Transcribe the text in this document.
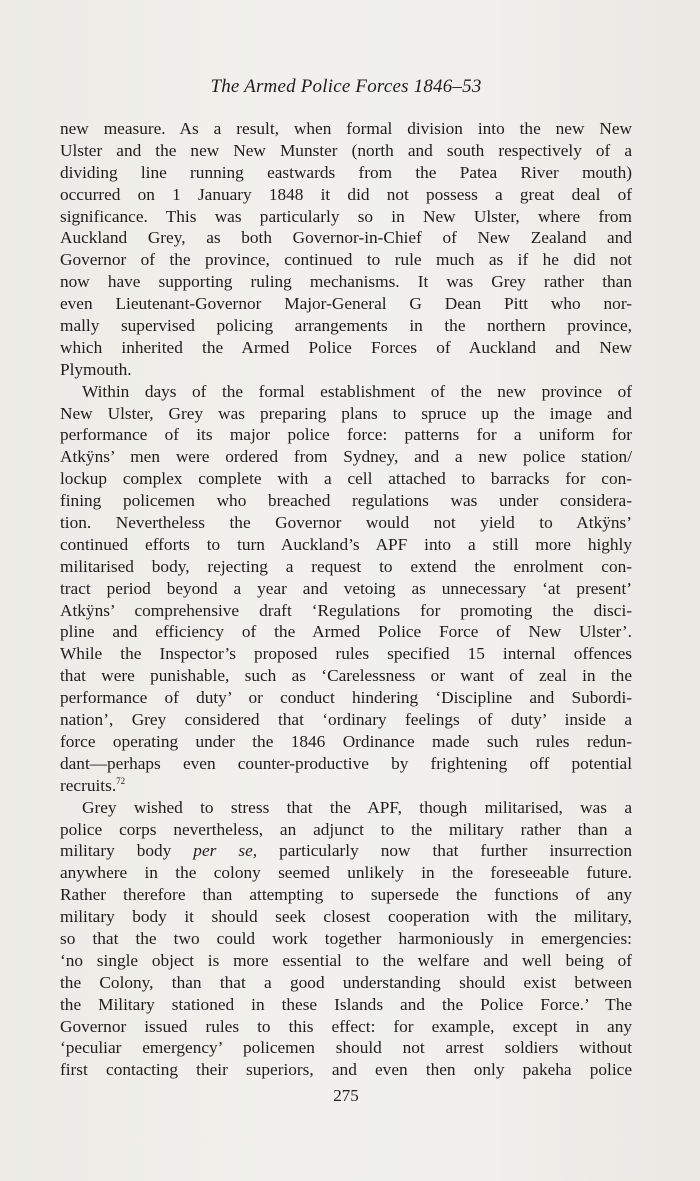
The Armed Police Forces 1846–53
new measure. As a result, when formal division into the new New
Ulster and the new New Munster (north and south respectively of a
dividing line running eastwards from the Patea River mouth)
occurred on 1 January 1848 it did not possess a great deal of
significance. This was particularly so in New Ulster, where from
Auckland Grey, as both Governor-in-Chief of New Zealand and
Governor of the province, continued to rule much as if he did not
now have supporting ruling mechanisms. It was Grey rather than
even Lieutenant-Governor Major-General G Dean Pitt who nor-
mally supervised policing arrangements in the northern province,
which inherited the Armed Police Forces of Auckland and New
Plymouth.
Within days of the formal establishment of the new province of
New Ulster, Grey was preparing plans to spruce up the image and
performance of its major police force: patterns for a uniform for
Atkÿns’ men were ordered from Sydney, and a new police station/
lockup complex complete with a cell attached to barracks for con-
fining policemen who breached regulations was under considera-
tion. Nevertheless the Governor would not yield to Atkÿns’
continued efforts to turn Auckland’s APF into a still more highly
militarised body, rejecting a request to extend the enrolment con-
tract period beyond a year and vetoing as unnecessary ‘at present’
Atkÿns’ comprehensive draft ‘Regulations for promoting the disci-
pline and efficiency of the Armed Police Force of New Ulster’.
While the Inspector’s proposed rules specified 15 internal offences
that were punishable, such as ‘Carelessness or want of zeal in the
performance of duty’ or conduct hindering ‘Discipline and Subordi-
nation’, Grey considered that ‘ordinary feelings of duty’ inside a
force operating under the 1846 Ordinance made such rules redun-
dant—perhaps even counter-productive by frightening off potential
recruits.$^{72}$
Grey wished to stress that the APF, though militarised, was a
police corps nevertheless, an adjunct to the military rather than a
military body per se, particularly now that further insurrection
anywhere in the colony seemed unlikely in the foreseeable future.
Rather therefore than attempting to supersede the functions of any
military body it should seek closest cooperation with the military,
so that the two could work together harmoniously in emergencies:
‘no single object is more essential to the welfare and well being of
the Colony, than that a good understanding should exist between
the Military stationed in these Islands and the Police Force.’ The
Governor issued rules to this effect: for example, except in any
‘peculiar emergency’ policemen should not arrest soldiers without
first contacting their superiors, and even then only pakeha police
275
